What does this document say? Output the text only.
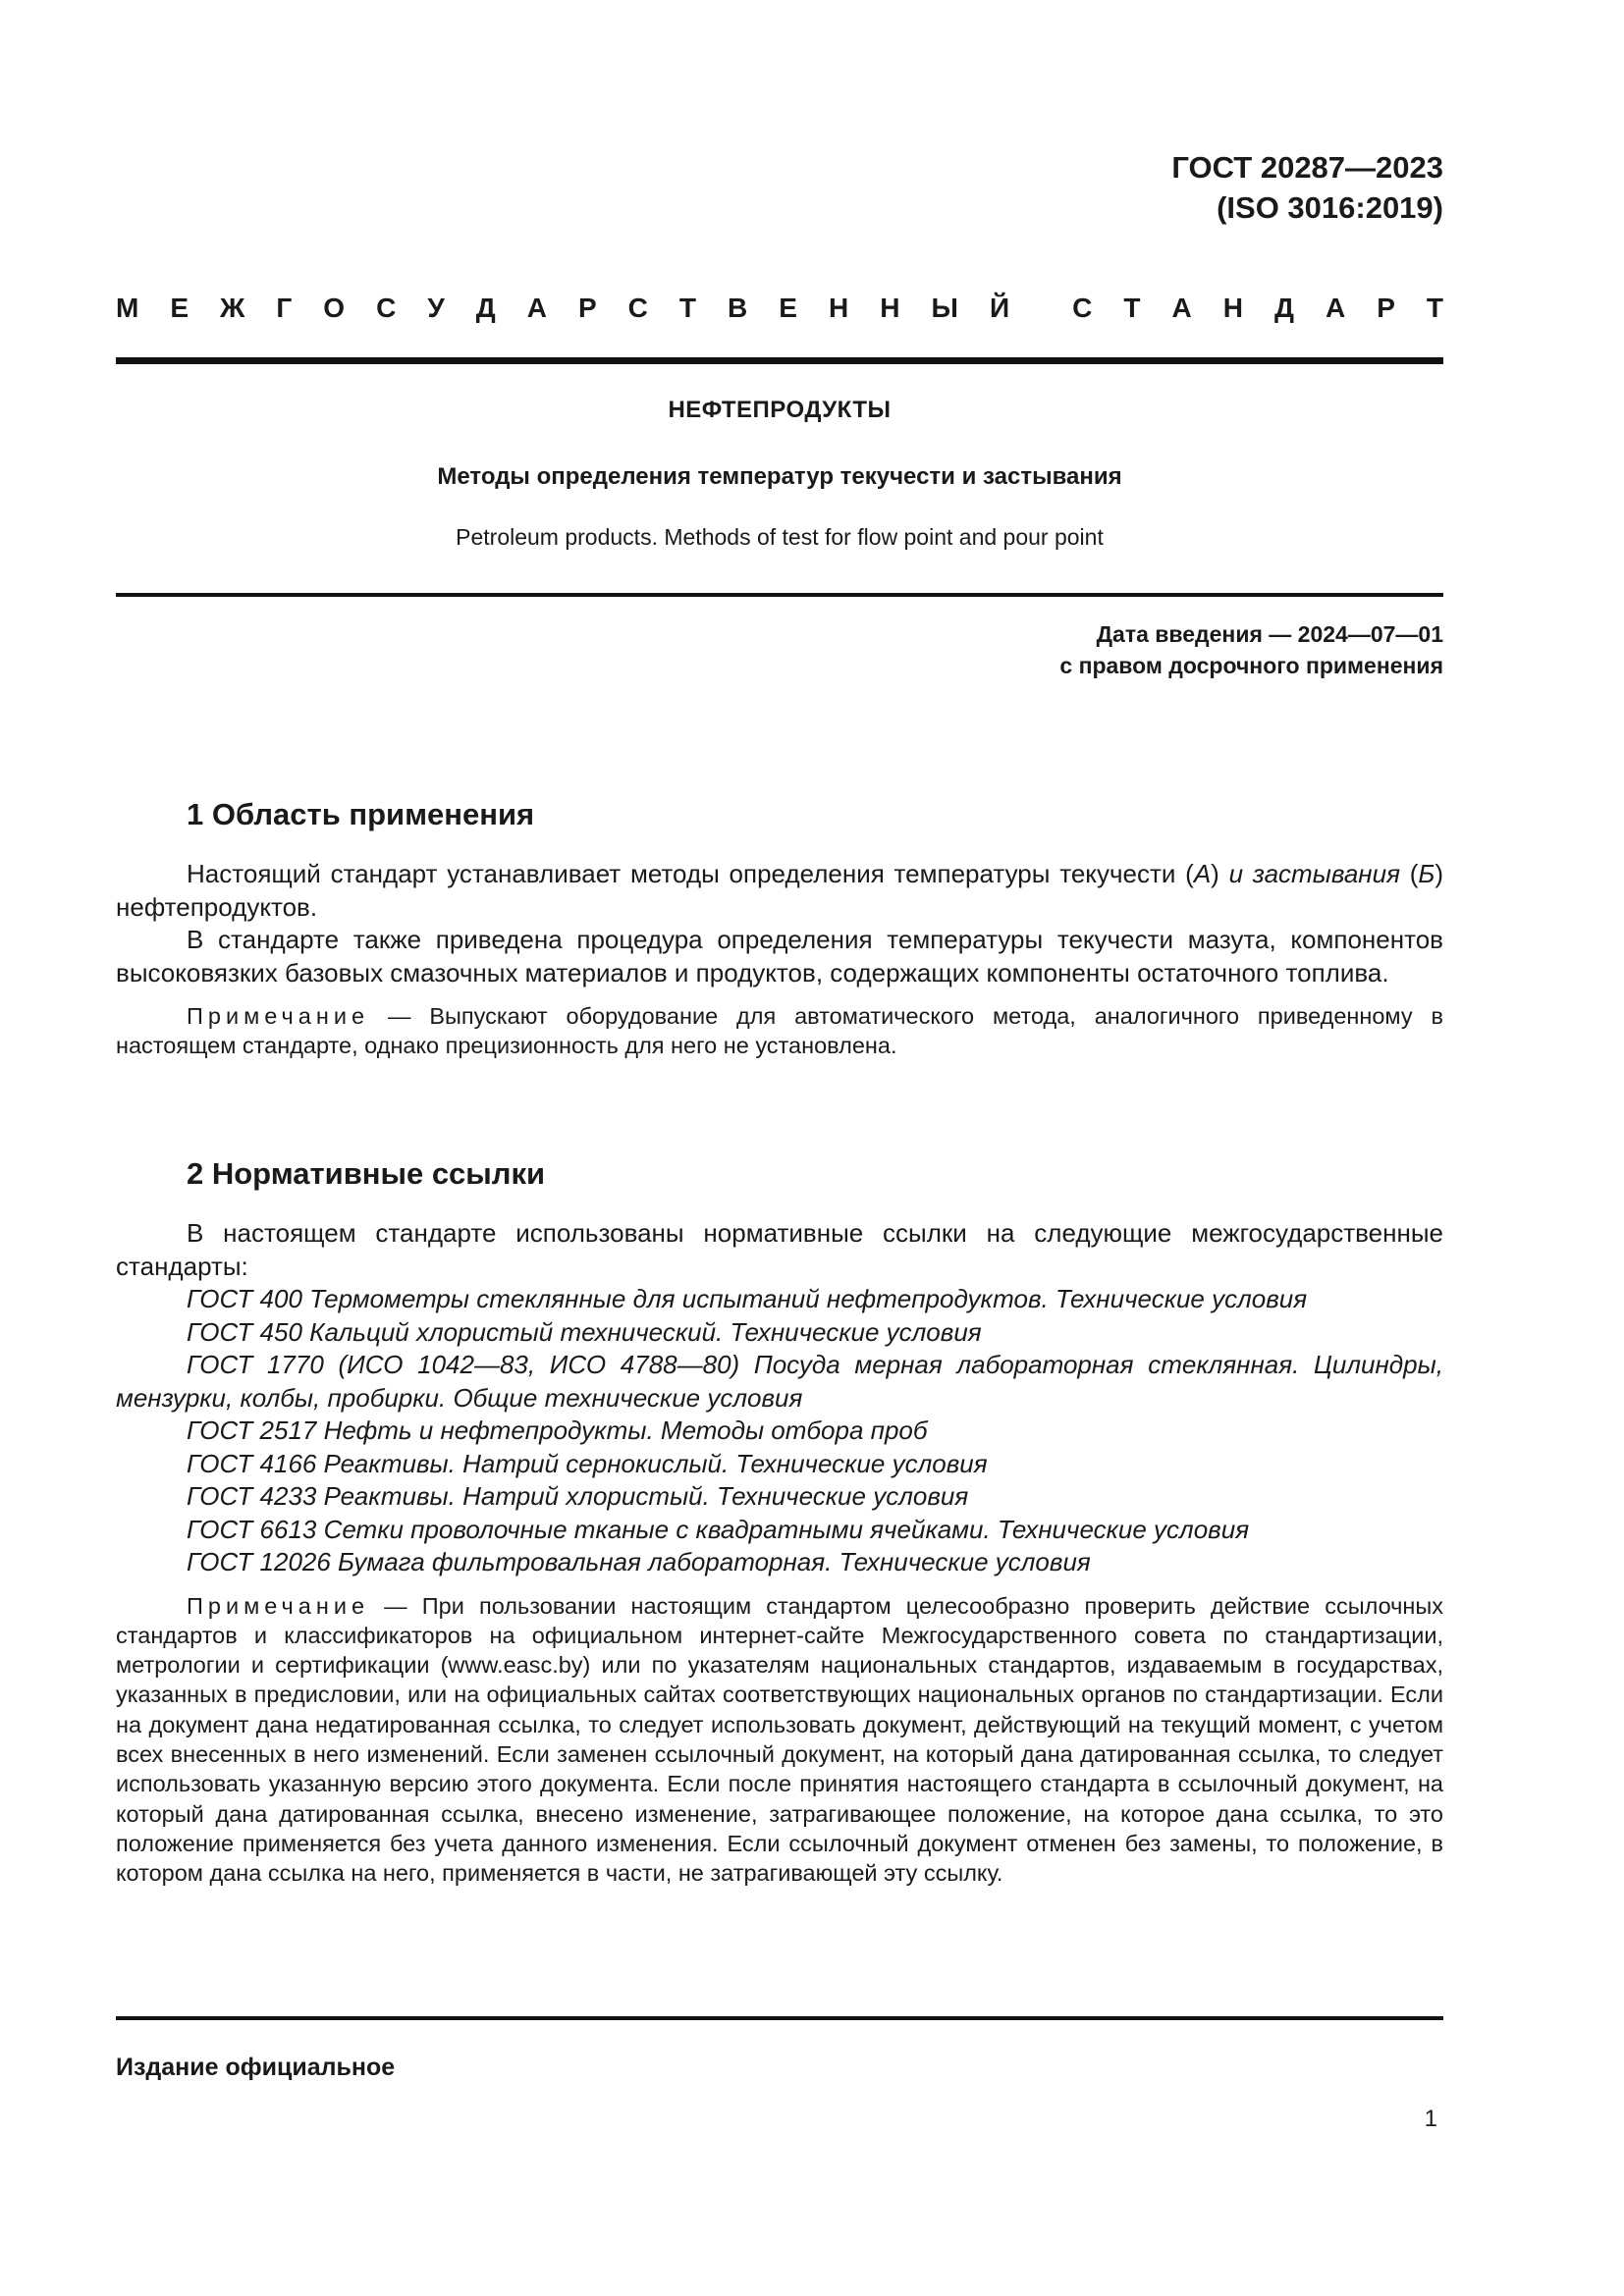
ГОСТ 20287—2023
(ISO 3016:2019)
М Е Ж Г О С У Д А Р С Т В Е Н Н Ы Й С Т А Н Д А Р Т
НЕФТЕПРОДУКТЫ
Методы определения температур текучести и застывания
Petroleum products. Methods of test for flow point and pour point
Дата введения — 2024—07—01
с правом досрочного применения
1 Область применения

Настоящий стандарт устанавливает методы определения температуры текучести (А) и застывания (Б) нефтепродуктов.

В стандарте также приведена процедура определения температуры текучести мазута, компонентов высоковязких базовых смазочных материалов и продуктов, содержащих компоненты остаточного топлива.

Примечание — Выпускают оборудование для автоматического метода, аналогичного приведенному в настоящем стандарте, однако прецизионность для него не установлена.

2 Нормативные ссылки

В настоящем стандарте использованы нормативные ссылки на следующие межгосударственные стандарты:

ГОСТ 400 Термометры стеклянные для испытаний нефтепродуктов. Технические условия

ГОСТ 450 Кальций хлористый технический. Технические условия

ГОСТ 1770 (ИСО 1042—83, ИСО 4788—80) Посуда мерная лабораторная стеклянная. Цилиндры, мензурки, колбы, пробирки. Общие технические условия

ГОСТ 2517 Нефть и нефтепродукты. Методы отбора проб

ГОСТ 4166 Реактивы. Натрий сернокислый. Технические условия

ГОСТ 4233 Реактивы. Натрий хлористый. Технические условия

ГОСТ 6613 Сетки проволочные тканые с квадратными ячейками. Технические условия

ГОСТ 12026 Бумага фильтровальная лабораторная. Технические условия

Примечание — При пользовании настоящим стандартом целесообразно проверить действие ссылочных стандартов и классификаторов на официальном интернет-сайте Межгосударственного совета по стандартизации, метрологии и сертификации (www.easc.by) или по указателям национальных стандартов, издаваемым в государствах, указанных в предисловии, или на официальных сайтах соответствующих национальных органов по стандартизации. Если на документ дана недатированная ссылка, то следует использовать документ, действующий на текущий момент, с учетом всех внесенных в него изменений. Если заменен ссылочный документ, на который дана датированная ссылка, то следует использовать указанную версию этого документа. Если после принятия настоящего стандарта в ссылочный документ, на который дана датированная ссылка, внесено изменение, затрагивающее положение, на которое дана ссылка, то это положение применяется без учета данного изменения. Если ссылочный документ отменен без замены, то положение, в котором дана ссылка на него, применяется в части, не затрагивающей эту ссылку.

Издание официальное
1
